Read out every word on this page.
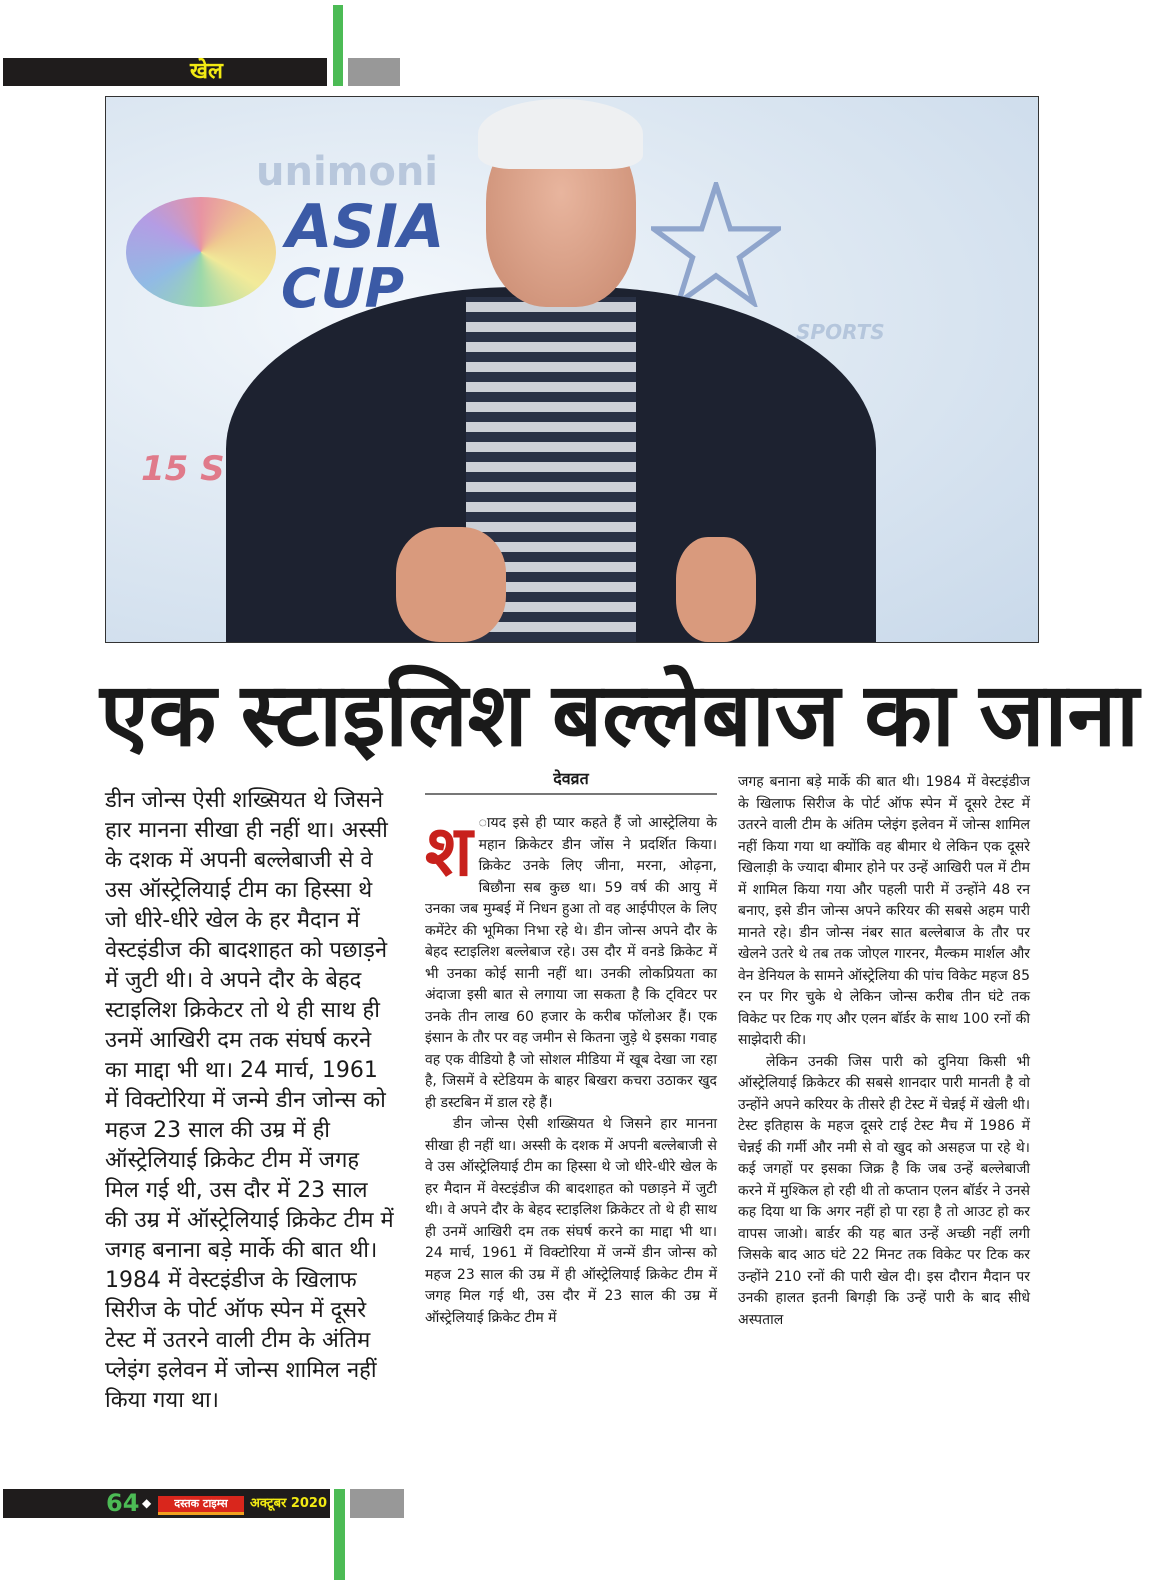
खेल
unimoni
ASIA
CUP
SPORTS
15 S
एक स्टाइलिश बल्लेबाज का जाना

डीन जोन्स ऐसी शख्सियत थे जिसने हार मानना सीखा ही नहीं था। अस्सी के दशक में अपनी बल्लेबाजी से वे उस ऑस्ट्रेलियाई टीम का हिस्सा थे जो धीरे-धीरे खेल के हर मैदान में वेस्टइंडीज की बादशाहत को पछाड़ने में जुटी थी। वे अपने दौर के बेहद स्टाइलिश क्रिकेटर तो थे ही साथ ही उनमें आखिरी दम तक संघर्ष करने का माद्दा भी था। 24 मार्च, 1961 में विक्टोरिया में जन्मे डीन जोन्स को महज 23 साल की उम्र में ही ऑस्ट्रेलियाई क्रिकेट टीम में जगह मिल गई थी, उस दौर में 23 साल की उम्र में ऑस्ट्रेलियाई क्रिकेट टीम में जगह बनाना बड़े मार्के की बात थी। 1984 में वेस्टइंडीज के खिलाफ सिरीज के पोर्ट ऑफ स्पेन में दूसरे टेस्ट में उतरने वाली टीम के अंतिम प्लेइंग इलेवन में जोन्स शामिल नहीं किया गया था।

देवव्रत
श ायद इसे ही प्यार कहते हैं जो आस्ट्रेलिया के महान क्रिकेटर डीन जोंस ने प्रदर्शित किया। क्रिकेट उनके लिए जीना, मरना, ओढ़ना, बिछौना सब कुछ था। 59 वर्ष की आयु में उनका जब मुम्बई में निधन हुआ तो वह आईपीएल के लिए कमेंटेर की भूमिका निभा रहे थे। डीन जोन्स अपने दौर के बेहद स्टाइलिश बल्लेबाज रहे। उस दौर में वनडे क्रिकेट में भी उनका कोई सानी नहीं था। उनकी लोकप्रियता का अंदाजा इसी बात से लगाया जा सकता है कि ट्विटर पर उनके तीन लाख 60 हजार के करीब फॉलोअर हैं। एक इंसान के तौर पर वह जमीन से कितना जुड़े थे इसका गवाह वह एक वीडियो है जो सोशल मीडिया में खूब देखा जा रहा है, जिसमें वे स्टेडियम के बाहर बिखरा कचरा उठाकर खुद ही डस्टबिन में डाल रहे हैं।

डीन जोन्स ऐसी शख्सियत थे जिसने हार मानना सीखा ही नहीं था। अस्सी के दशक में अपनी बल्लेबाजी से वे उस ऑस्ट्रेलियाई टीम का हिस्सा थे जो धीरे-धीरे खेल के हर मैदान में वेस्टइंडीज की बादशाहत को पछाड़ने में जुटी थी। वे अपने दौर के बेहद स्टाइलिश क्रिकेटर तो थे ही साथ ही उनमें आखिरी दम तक संघर्ष करने का माद्दा भी था। 24 मार्च, 1961 में विक्टोरिया में जन्में डीन जोन्स को महज 23 साल की उम्र में ही ऑस्ट्रेलियाई क्रिकेट टीम में जगह मिल गई थी, उस दौर में 23 साल की उम्र में ऑस्ट्रेलियाई क्रिकेट टीम में

जगह बनाना बड़े मार्के की बात थी। 1984 में वेस्टइंडीज के खिलाफ सिरीज के पोर्ट ऑफ स्पेन में दूसरे टेस्ट में उतरने वाली टीम के अंतिम प्लेइंग इलेवन में जोन्स शामिल नहीं किया गया था क्योंकि वह बीमार थे लेकिन एक दूसरे खिलाड़ी के ज्यादा बीमार होने पर उन्हें आखिरी पल में टीम में शामिल किया गया और पहली पारी में उन्होंने 48 रन बनाए, इसे डीन जोन्स अपने करियर की सबसे अहम पारी मानते रहे। डीन जोन्स नंबर सात बल्लेबाज के तौर पर खेलने उतरे थे तब तक जोएल गारनर, मैल्कम मार्शल और वेन डेनियल के सामने ऑस्ट्रेलिया की पांच विकेट महज 85 रन पर गिर चुके थे लेकिन जोन्स करीब तीन घंटे तक विकेट पर टिक गए और एलन बॉर्डर के साथ 100 रनों की साझेदारी की।

लेकिन उनकी जिस पारी को दुनिया किसी भी ऑस्ट्रेलियाई क्रिकेटर की सबसे शानदार पारी मानती है वो उन्होंने अपने करियर के तीसरे ही टेस्ट में चेन्नई में खेली थी। टेस्ट इतिहास के महज दूसरे टाई टेस्ट मैच में 1986 में चेन्नई की गर्मी और नमी से वो खुद को असहज पा रहे थे। कई जगहों पर इसका जिक्र है कि जब उन्हें बल्लेबाजी करने में मुश्किल हो रही थी तो कप्तान एलन बॉर्डर ने उनसे कह दिया था कि अगर नहीं हो पा रहा है तो आउट हो कर वापस जाओ। बार्डर की यह बात उन्हें अच्छी नहीं लगी जिसके बाद आठ घंटे 22 मिनट तक विकेट पर टिक कर उन्होंने 210 रनों की पारी खेल दी। इस दौरान मैदान पर उनकी हालत इतनी बिगड़ी कि उन्हें पारी के बाद सीधे अस्पताल

64 ◆	दस्तक टाइम्स	अक्टूबर 2020
